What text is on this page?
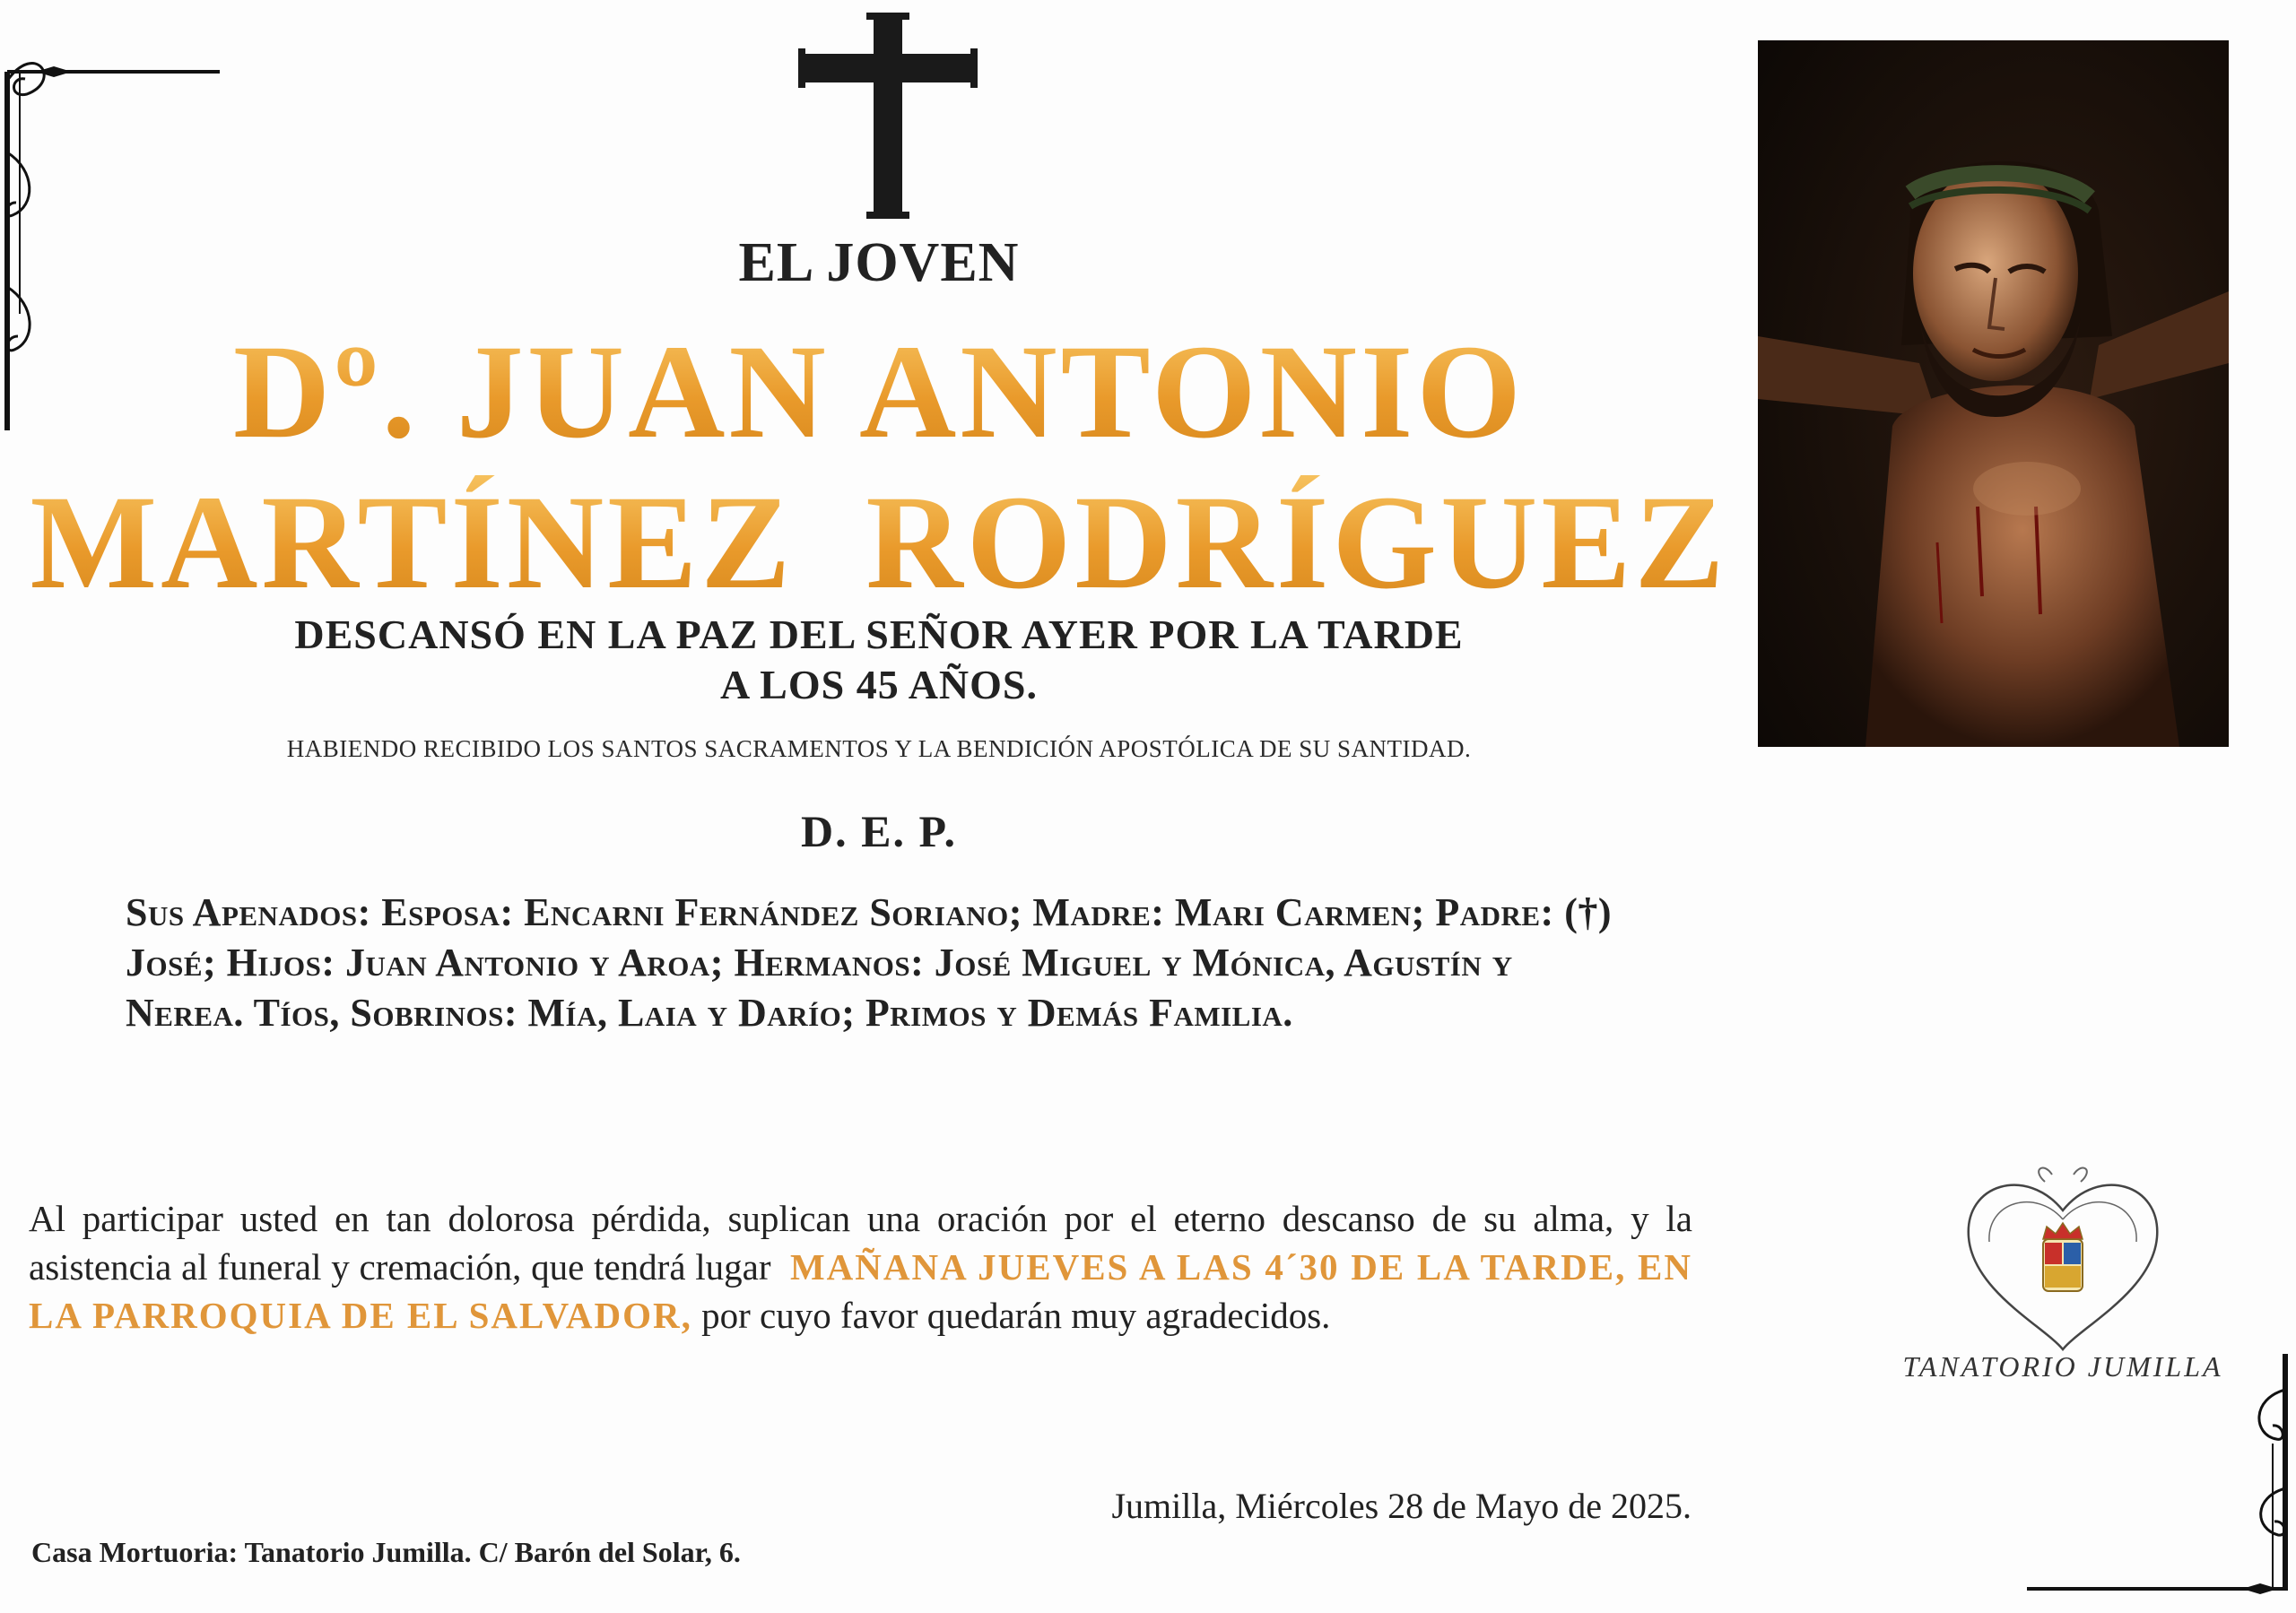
EL JOVEN
Dº. JUAN ANTONIO
MARTÍNEZ RODRÍGUEZ
DESCANSÓ EN LA PAZ DEL SEÑOR AYER POR LA TARDE
A LOS 45 AÑOS.
HABIENDO RECIBIDO LOS SANTOS SACRAMENTOS Y LA BENDICIÓN APOSTÓLICA DE SU SANTIDAD.
D. E. P.
Sus Apenados: Esposa: Encarni Fernández Soriano; Madre: Mari Carmen; Padre: (†) José; Hijos: Juan Antonio y Aroa; Hermanos: José Miguel y Mónica, Agustín y Nerea. Tíos, Sobrinos: Mía, Laia y Darío; Primos y Demás Familia.
Al participar usted en tan dolorosa pérdida, suplican una oración por el eterno descanso de su alma, y la asistencia al funeral y cremación, que tendrá lugar MAÑANA JUEVES A LAS 4´30 DE LA TARDE, EN LA PARROQUIA DE EL SALVADOR, por cuyo favor quedarán muy agradecidos.
Jumilla, Miércoles 28 de Mayo de 2025.
Casa Mortuoria: Tanatorio Jumilla. C/ Barón del Solar, 6.
TANATORIO JUMILLA
